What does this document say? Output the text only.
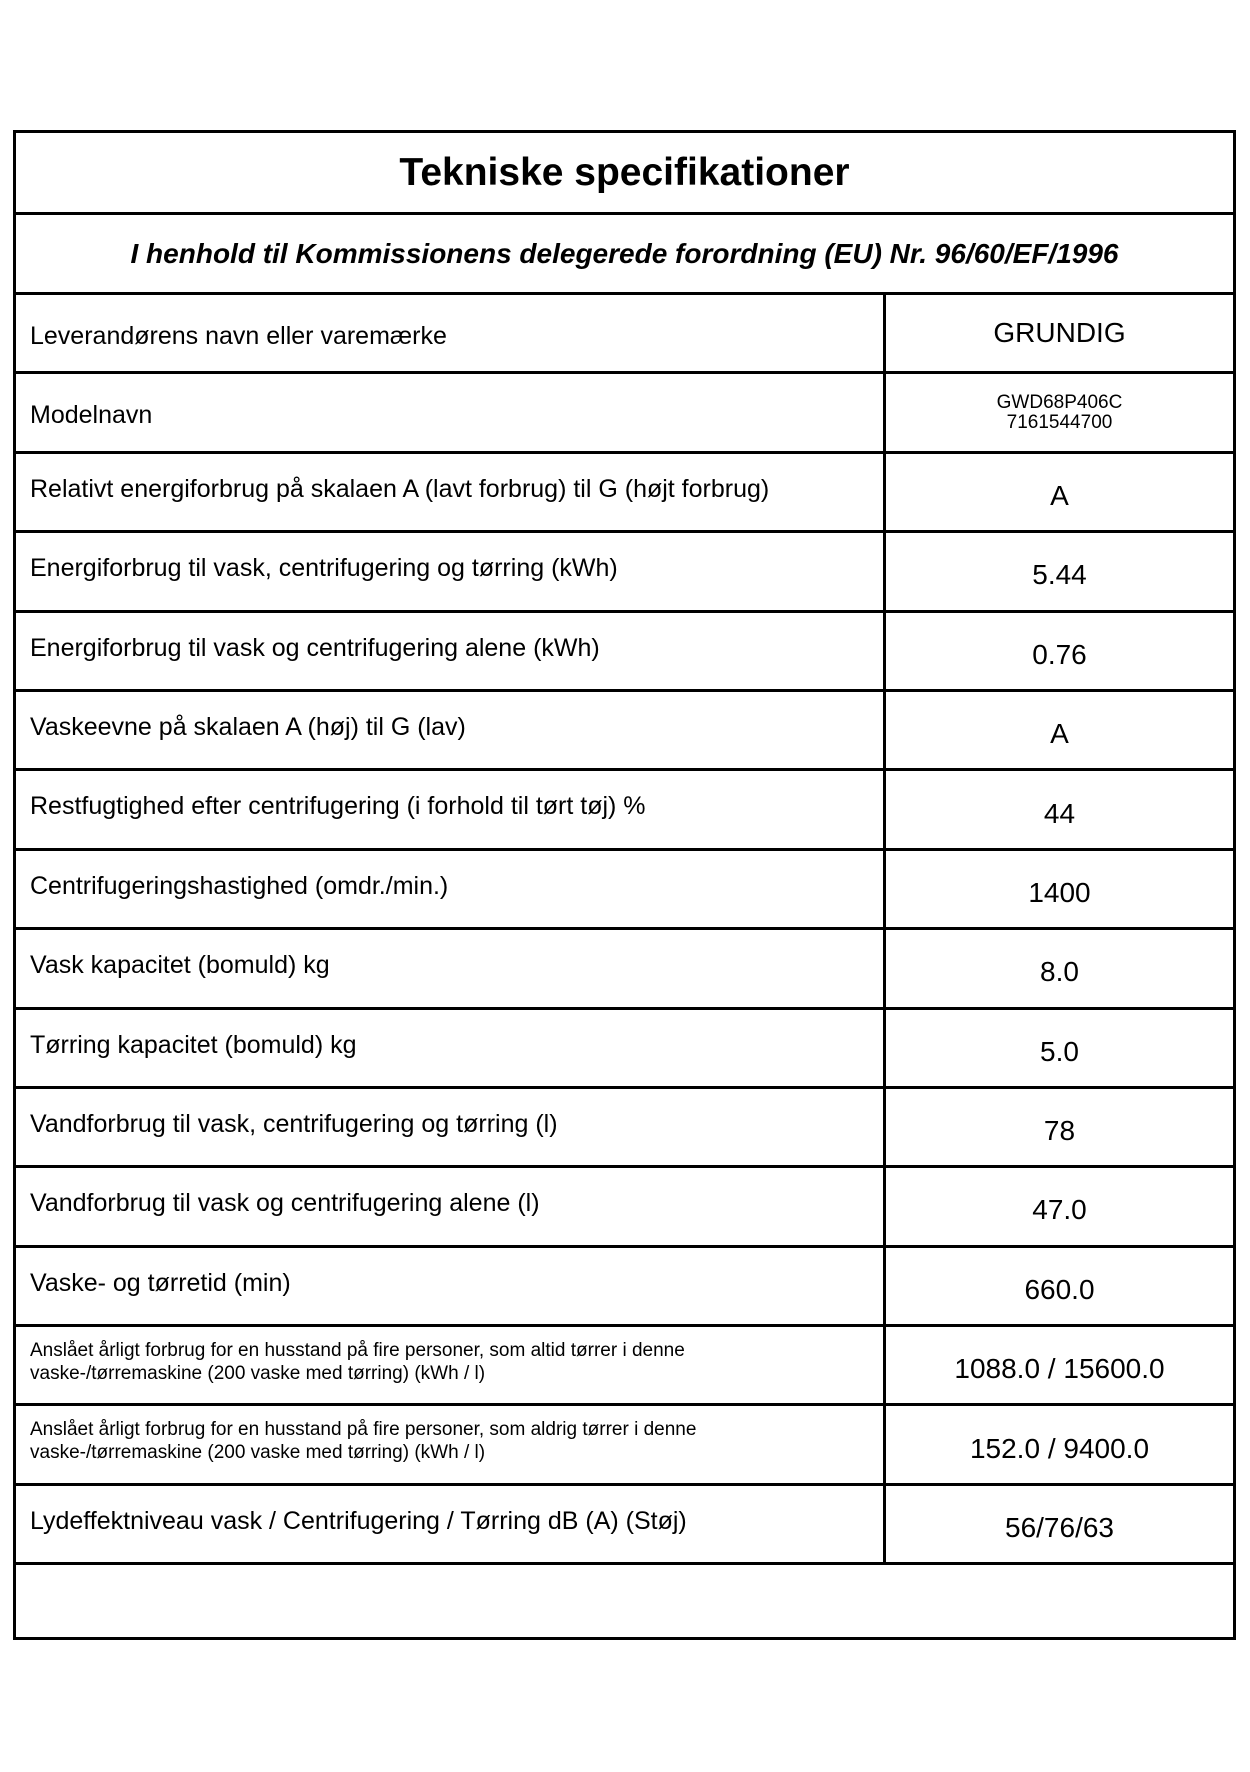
Tekniske specifikationer
I henhold til Kommissionens delegerede forordning (EU) Nr. 96/60/EF/1996
Leverandørens navn eller varemærke	GRUNDIG
Modelnavn	GWD68P406C
7161544700
Relativt energiforbrug på skalaen A (lavt forbrug) til G (højt forbrug)	A
Energiforbrug til vask, centrifugering og tørring (kWh)	5.44
Energiforbrug til vask og centrifugering alene (kWh)	0.76
Vaskeevne på skalaen A (høj) til G (lav)	A
Restfugtighed efter centrifugering (i forhold til tørt tøj) %	44
Centrifugeringshastighed (omdr./min.)	1400
Vask kapacitet (bomuld) kg	8.0
Tørring kapacitet (bomuld) kg	5.0
Vandforbrug til vask, centrifugering og tørring (l)	78
Vandforbrug til vask og centrifugering alene (l)	47.0
Vaske- og tørretid (min)	660.0
Anslået årligt forbrug for en husstand på fire personer, som altid tørrer i denne
vaske-/tørremaskine (200 vaske med tørring) (kWh / l)	1088.0 / 15600.0
Anslået årligt forbrug for en husstand på fire personer, som aldrig tørrer i denne
vaske-/tørremaskine (200 vaske med tørring) (kWh / l)	152.0 / 9400.0
Lydeffektniveau vask / Centrifugering / Tørring dB (A) (Støj)	56/76/63
